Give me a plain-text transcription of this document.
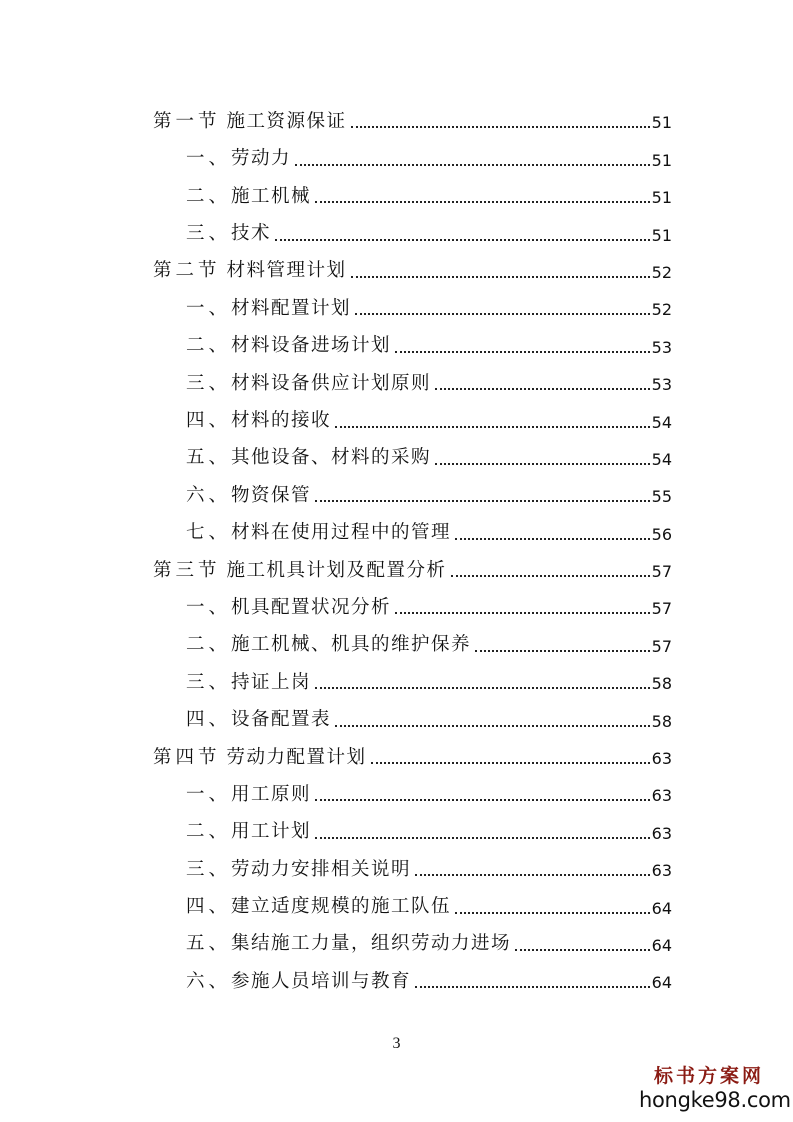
第一节 施工资源保证	51
一、劳动力	51
二、施工机械	51
三、技术	51
第二节 材料管理计划	52
一、材料配置计划	52
二、材料设备进场计划	53
三、材料设备供应计划原则	53
四、材料的接收	54
五、其他设备、材料的采购	54
六、物资保管	55
七、材料在使用过程中的管理	56
第三节 施工机具计划及配置分析	57
一、机具配置状况分析	57
二、施工机械、机具的维护保养	57
三、持证上岗	58
四、设备配置表	58
第四节 劳动力配置计划	63
一、用工原则	63
二、用工计划	63
三、劳动力安排相关说明	63
四、建立适度规模的施工队伍	64
五、集结施工力量，组织劳动力进场	64
六、参施人员培训与教育	64
3
标书方案网
hongke98.com
